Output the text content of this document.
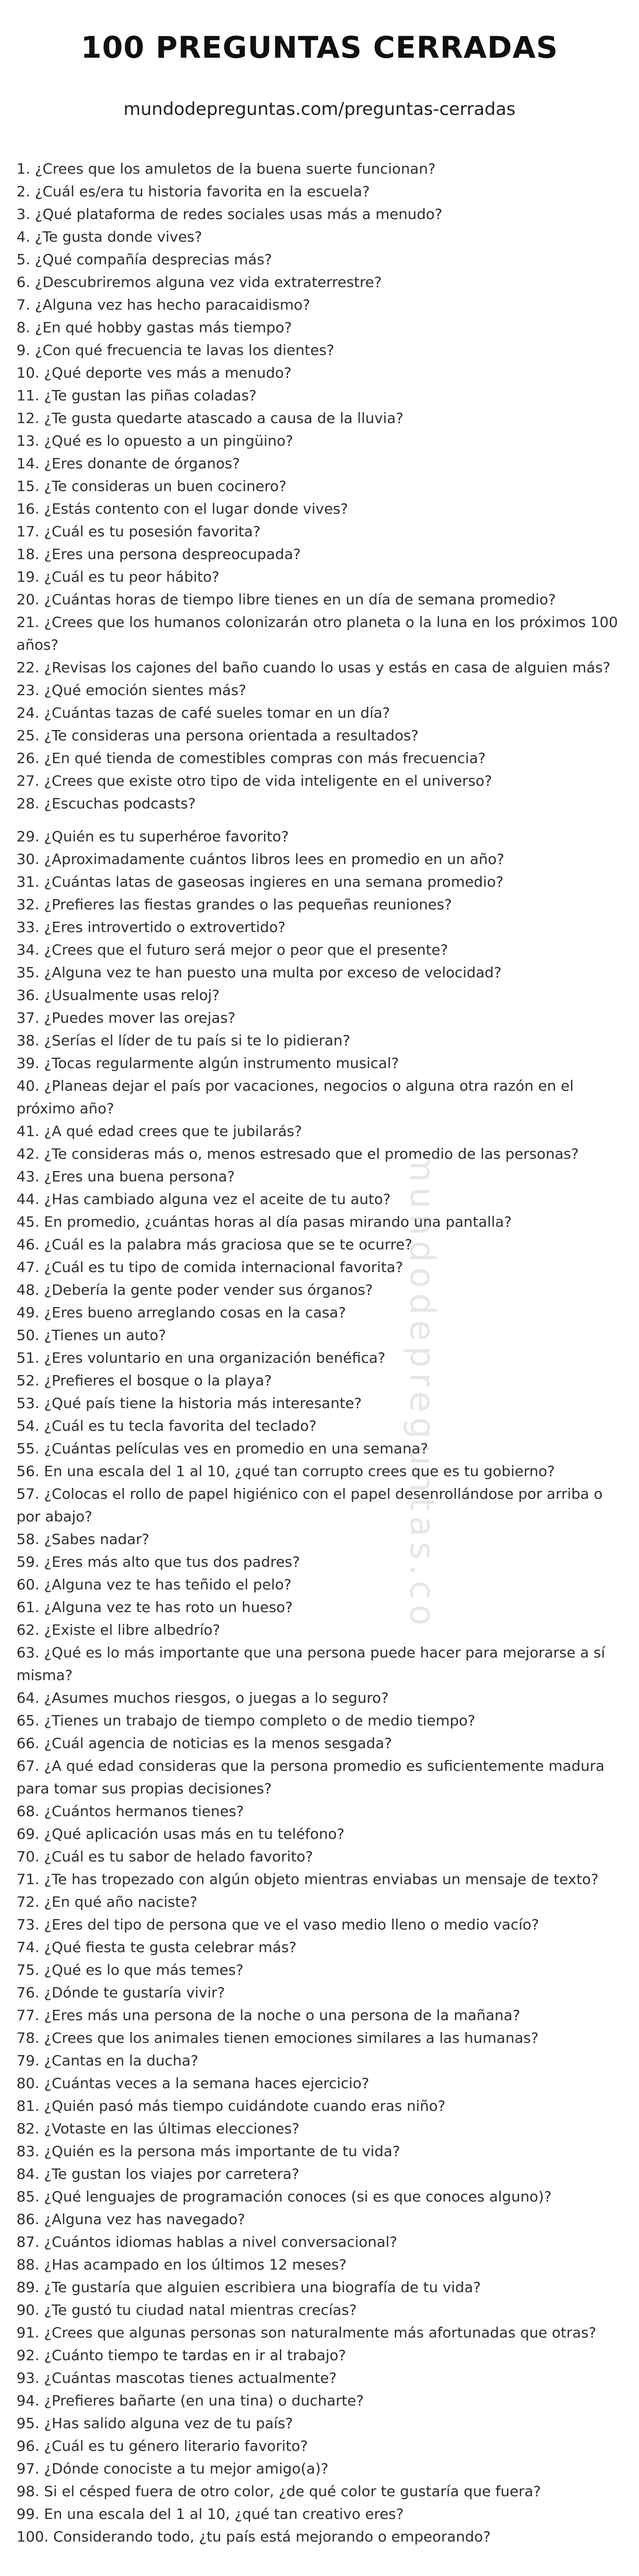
100 PREGUNTAS CERRADAS

mundodepreguntas.com/preguntas-cerradas

mundodepreguntas.co
1. ¿Crees que los amuletos de la buena suerte funcionan?
2. ¿Cuál es/era tu historia favorita en la escuela?
3. ¿Qué plataforma de redes sociales usas más a menudo?
4. ¿Te gusta donde vives?
5. ¿Qué compañía desprecias más?
6. ¿Descubriremos alguna vez vida extraterrestre?
7. ¿Alguna vez has hecho paracaidismo?
8. ¿En qué hobby gastas más tiempo?
9. ¿Con qué frecuencia te lavas los dientes?
10. ¿Qué deporte ves más a menudo?
11. ¿Te gustan las piñas coladas?
12. ¿Te gusta quedarte atascado a causa de la lluvia?
13. ¿Qué es lo opuesto a un pingüino?
14. ¿Eres donante de órganos?
15. ¿Te consideras un buen cocinero?
16. ¿Estás contento con el lugar donde vives?
17. ¿Cuál es tu posesión favorita?
18. ¿Eres una persona despreocupada?
19. ¿Cuál es tu peor hábito?
20. ¿Cuántas horas de tiempo libre tienes en un día de semana promedio?
21. ¿Crees que los humanos colonizarán otro planeta o la luna en los próximos 100 años?
22. ¿Revisas los cajones del baño cuando lo usas y estás en casa de alguien más?
23. ¿Qué emoción sientes más?
24. ¿Cuántas tazas de café sueles tomar en un día?
25. ¿Te consideras una persona orientada a resultados?
26. ¿En qué tienda de comestibles compras con más frecuencia?
27. ¿Crees que existe otro tipo de vida inteligente en el universo?
28. ¿Escuchas podcasts?
29. ¿Quién es tu superhéroe favorito?
30. ¿Aproximadamente cuántos libros lees en promedio en un año?
31. ¿Cuántas latas de gaseosas ingieres en una semana promedio?
32. ¿Prefieres las fiestas grandes o las pequeñas reuniones?
33. ¿Eres introvertido o extrovertido?
34. ¿Crees que el futuro será mejor o peor que el presente?
35. ¿Alguna vez te han puesto una multa por exceso de velocidad?
36. ¿Usualmente usas reloj?
37. ¿Puedes mover las orejas?
38. ¿Serías el líder de tu país si te lo pidieran?
39. ¿Tocas regularmente algún instrumento musical?
40. ¿Planeas dejar el país por vacaciones, negocios o alguna otra razón en el próximo año?
41. ¿A qué edad crees que te jubilarás?
42. ¿Te consideras más o, menos estresado que el promedio de las personas?
43. ¿Eres una buena persona?
44. ¿Has cambiado alguna vez el aceite de tu auto?
45. En promedio, ¿cuántas horas al día pasas mirando una pantalla?
46. ¿Cuál es la palabra más graciosa que se te ocurre?
47. ¿Cuál es tu tipo de comida internacional favorita?
48. ¿Debería la gente poder vender sus órganos?
49. ¿Eres bueno arreglando cosas en la casa?
50. ¿Tienes un auto?
51. ¿Eres voluntario en una organización benéfica?
52. ¿Prefieres el bosque o la playa?
53. ¿Qué país tiene la historia más interesante?
54. ¿Cuál es tu tecla favorita del teclado?
55. ¿Cuántas películas ves en promedio en una semana?
56. En una escala del 1 al 10, ¿qué tan corrupto crees que es tu gobierno?
57. ¿Colocas el rollo de papel higiénico con el papel desenrollándose por arriba o por abajo?
58. ¿Sabes nadar?
59. ¿Eres más alto que tus dos padres?
60. ¿Alguna vez te has teñido el pelo?
61. ¿Alguna vez te has roto un hueso?
62. ¿Existe el libre albedrío?
63. ¿Qué es lo más importante que una persona puede hacer para mejorarse a sí misma?
64. ¿Asumes muchos riesgos, o juegas a lo seguro?
65. ¿Tienes un trabajo de tiempo completo o de medio tiempo?
66. ¿Cuál agencia de noticias es la menos sesgada?
67. ¿A qué edad consideras que la persona promedio es suficientemente madura para tomar sus propias decisiones?
68. ¿Cuántos hermanos tienes?
69. ¿Qué aplicación usas más en tu teléfono?
70. ¿Cuál es tu sabor de helado favorito?
71. ¿Te has tropezado con algún objeto mientras enviabas un mensaje de texto?
72. ¿En qué año naciste?
73. ¿Eres del tipo de persona que ve el vaso medio lleno o medio vacío?
74. ¿Qué fiesta te gusta celebrar más?
75. ¿Qué es lo que más temes?
76. ¿Dónde te gustaría vivir?
77. ¿Eres más una persona de la noche o una persona de la mañana?
78. ¿Crees que los animales tienen emociones similares a las humanas?
79. ¿Cantas en la ducha?
80. ¿Cuántas veces a la semana haces ejercicio?
81. ¿Quién pasó más tiempo cuidándote cuando eras niño?
82. ¿Votaste en las últimas elecciones?
83. ¿Quién es la persona más importante de tu vida?
84. ¿Te gustan los viajes por carretera?
85. ¿Qué lenguajes de programación conoces (si es que conoces alguno)?
86. ¿Alguna vez has navegado?
87. ¿Cuántos idiomas hablas a nivel conversacional?
88. ¿Has acampado en los últimos 12 meses?
89. ¿Te gustaría que alguien escribiera una biografía de tu vida?
90. ¿Te gustó tu ciudad natal mientras crecías?
91. ¿Crees que algunas personas son naturalmente más afortunadas que otras?
92. ¿Cuánto tiempo te tardas en ir al trabajo?
93. ¿Cuántas mascotas tienes actualmente?
94. ¿Prefieres bañarte (en una tina) o ducharte?
95. ¿Has salido alguna vez de tu país?
96. ¿Cuál es tu género literario favorito?
97. ¿Dónde conociste a tu mejor amigo(a)?
98. Si el césped fuera de otro color, ¿de qué color te gustaría que fuera?
99. En una escala del 1 al 10, ¿qué tan creativo eres?
100. Considerando todo, ¿tu país está mejorando o empeorando?
